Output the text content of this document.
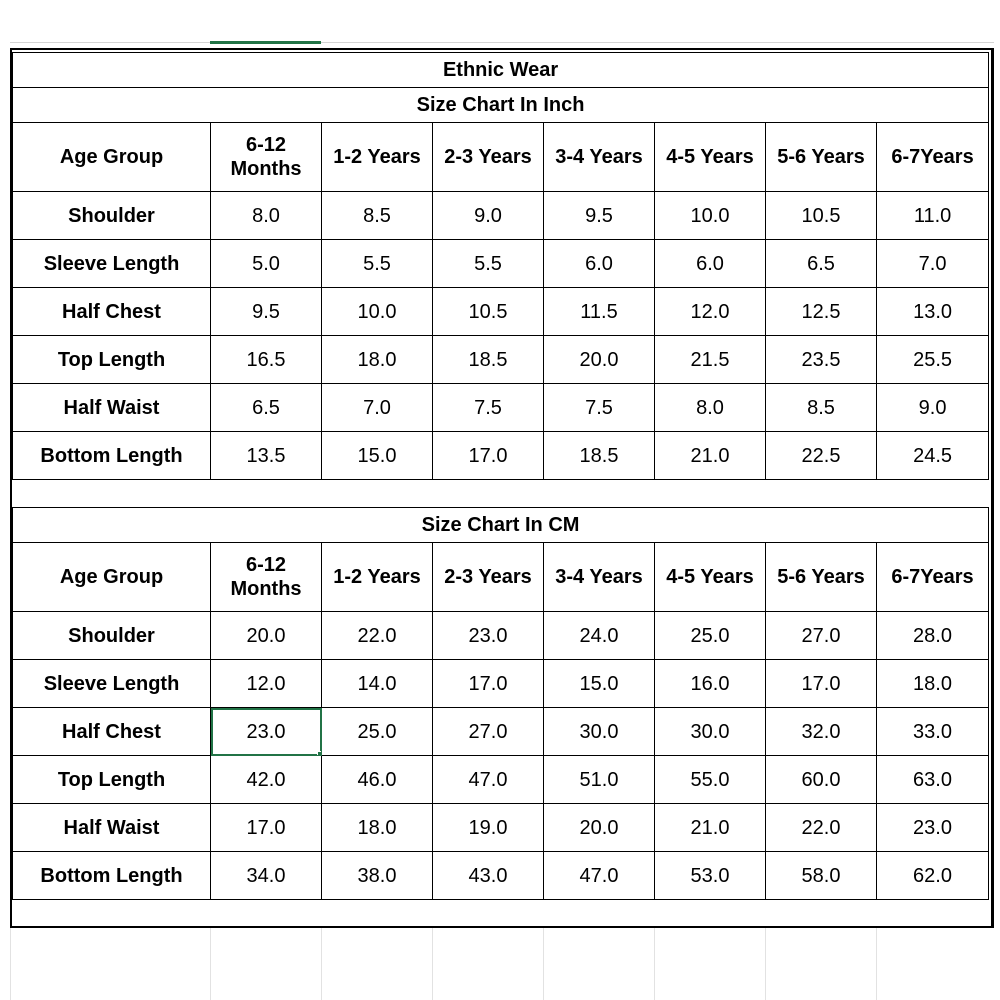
Ethnic Wear							
Size Chart In Inch							
Age Group	6-12 Months	1-2 Years	2-3 Years	3-4 Years	4-5 Years	5-6 Years	6-7Years
Shoulder	8.0	8.5	9.0	9.5	10.0	10.5	11.0
Sleeve Length	5.0	5.5	5.5	6.0	6.0	6.5	7.0
Half Chest	9.5	10.0	10.5	11.5	12.0	12.5	13.0
Top Length	16.5	18.0	18.5	20.0	21.5	23.5	25.5
Half Waist	6.5	7.0	7.5	7.5	8.0	8.5	9.0
Bottom Length	13.5	15.0	17.0	18.5	21.0	22.5	24.5
Size Chart In CM							
Age Group	6-12 Months	1-2 Years	2-3 Years	3-4 Years	4-5 Years	5-6 Years	6-7Years
Shoulder	20.0	22.0	23.0	24.0	25.0	27.0	28.0
Sleeve Length	12.0	14.0	17.0	15.0	16.0	17.0	18.0
Half Chest	23.0	25.0	27.0	30.0	30.0	32.0	33.0
Top Length	42.0	46.0	47.0	51.0	55.0	60.0	63.0
Half Waist	17.0	18.0	19.0	20.0	21.0	22.0	23.0
Bottom Length	34.0	38.0	43.0	47.0	53.0	58.0	62.0
